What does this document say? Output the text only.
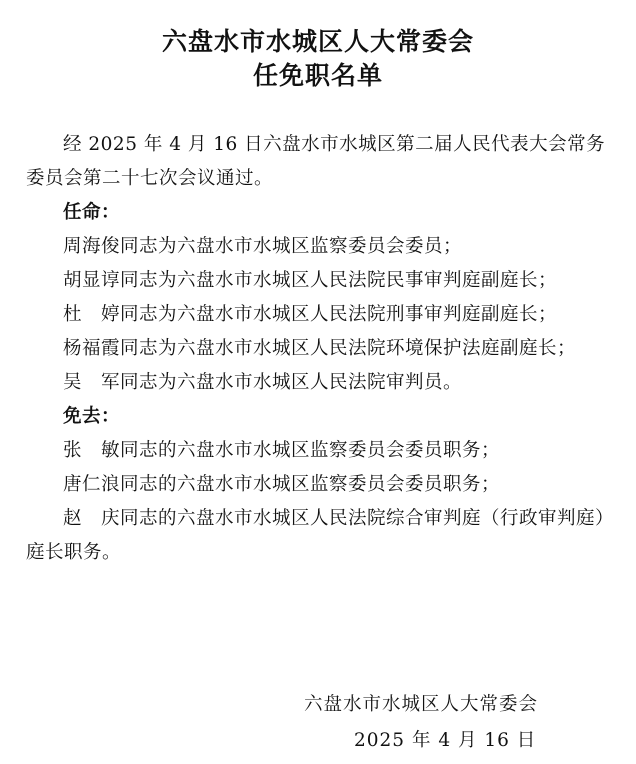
六盘水市水城区人大常委会
任免职名单

经 2025 年 4 月 16 日六盘水市水城区第二届人民代表大会常务委员会第二十七次会议通过。

任命：

周海俊同志为六盘水市水城区监察委员会委员；

胡显谆同志为六盘水市水城区人民法院民事审判庭副庭长；

杜　婷同志为六盘水市水城区人民法院刑事审判庭副庭长；

杨福霞同志为六盘水市水城区人民法院环境保护法庭副庭长；

吴　军同志为六盘水市水城区人民法院审判员。

免去：

张　敏同志的六盘水市水城区监察委员会委员职务；

唐仁浪同志的六盘水市水城区监察委员会委员职务；

赵　庆同志的六盘水市水城区人民法院综合审判庭（行政审判庭）庭长职务。

六盘水市水城区人大常委会
2025 年 4 月 16 日
